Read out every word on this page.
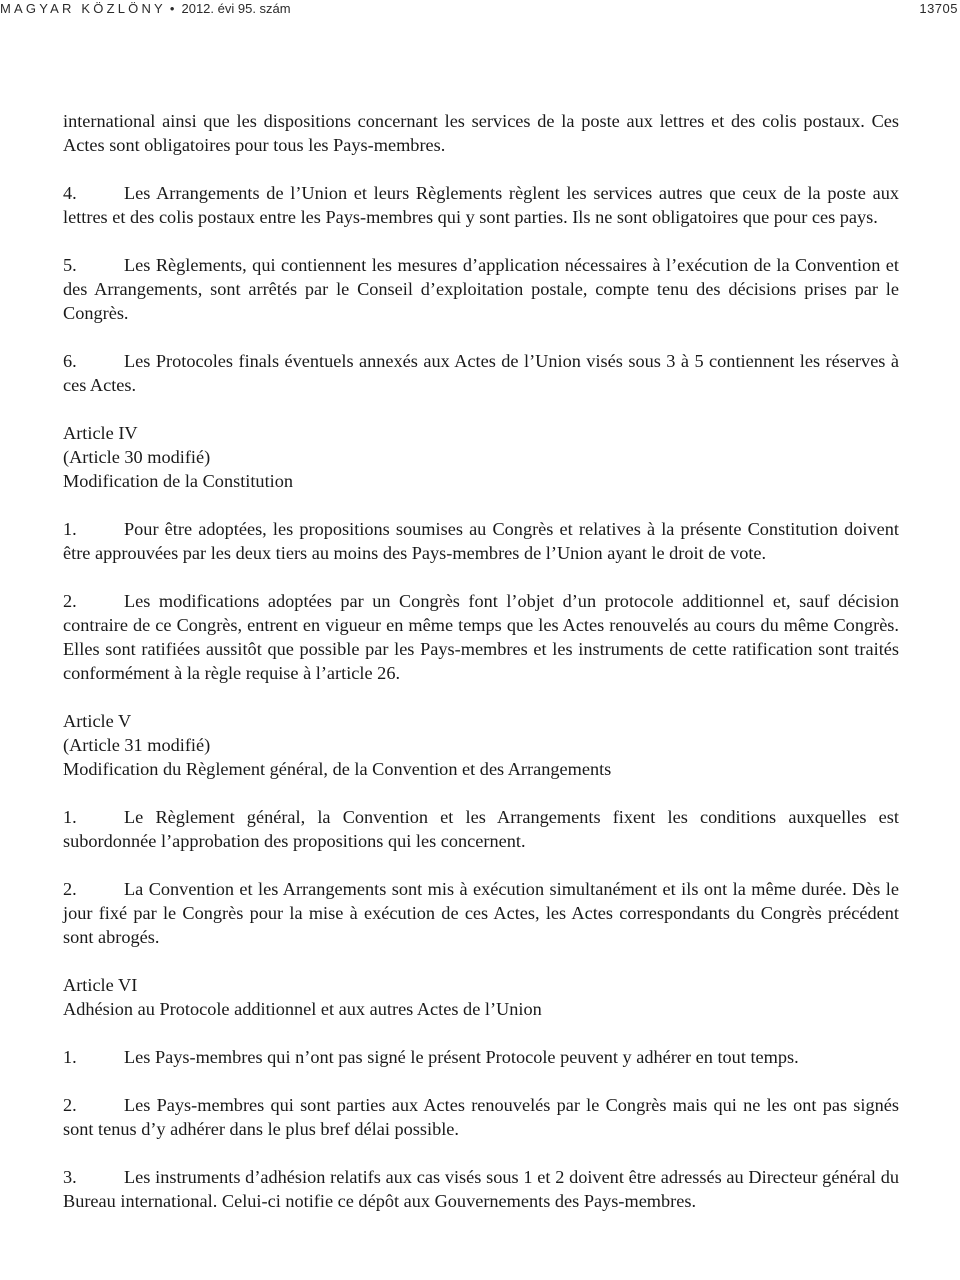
MAGYAR KÖZLÖNY • 2012. évi 95. szám	13705

international ainsi que les dispositions concernant les services de la poste aux lettres et des colis postaux. Ces Actes sont obligatoires pour tous les Pays-membres.

4.	Les Arrangements de l’Union et leurs Règlements règlent les services autres que ceux de la poste aux lettres et des colis postaux entre les Pays-membres qui y sont parties. Ils ne sont obligatoires que pour ces pays.

5.	Les Règlements, qui contiennent les mesures d’application nécessaires à l’exécution de la Convention et des Arrangements, sont arrêtés par le Conseil d’exploitation postale, compte tenu des décisions prises par le Congrès.

6.	Les Protocoles finals éventuels annexés aux Actes de l’Union visés sous 3 à 5 contiennent les réserves à ces Actes.

Article IV
(Article 30 modifié)
Modification de la Constitution

1.	Pour être adoptées, les propositions soumises au Congrès et relatives à la présente Constitution doivent être approuvées par les deux tiers au moins des Pays-membres de l’Union ayant le droit de vote.

2.	Les modifications adoptées par un Congrès font l’objet d’un protocole additionnel et, sauf décision contraire de ce Congrès, entrent en vigueur en même temps que les Actes renouvelés au cours du même Congrès. Elles sont ratifiées aussitôt que possible par les Pays-membres et les instruments de cette ratification sont traités conformément à la règle requise à l’article 26.

Article V
(Article 31 modifié)
Modification du Règlement général, de la Convention et des Arrangements

1.	Le Règlement général, la Convention et les Arrangements fixent les conditions auxquelles est subordonnée l’approbation des propositions qui les concernent.

2.	La Convention et les Arrangements sont mis à exécution simultanément et ils ont la même durée. Dès le jour fixé par le Congrès pour la mise à exécution de ces Actes, les Actes correspondants du Congrès précédent sont abrogés.

Article VI
Adhésion au Protocole additionnel et aux autres Actes de l’Union

1.	Les Pays-membres qui n’ont pas signé le présent Protocole peuvent y adhérer en tout temps.

2.	Les Pays-membres qui sont parties aux Actes renouvelés par le Congrès mais qui ne les ont pas signés sont tenus d’y adhérer dans le plus bref délai possible.

3.	Les instruments d’adhésion relatifs aux cas visés sous 1 et 2 doivent être adressés au Directeur général du Bureau international. Celui-ci notifie ce dépôt aux Gouvernements des Pays-membres.
